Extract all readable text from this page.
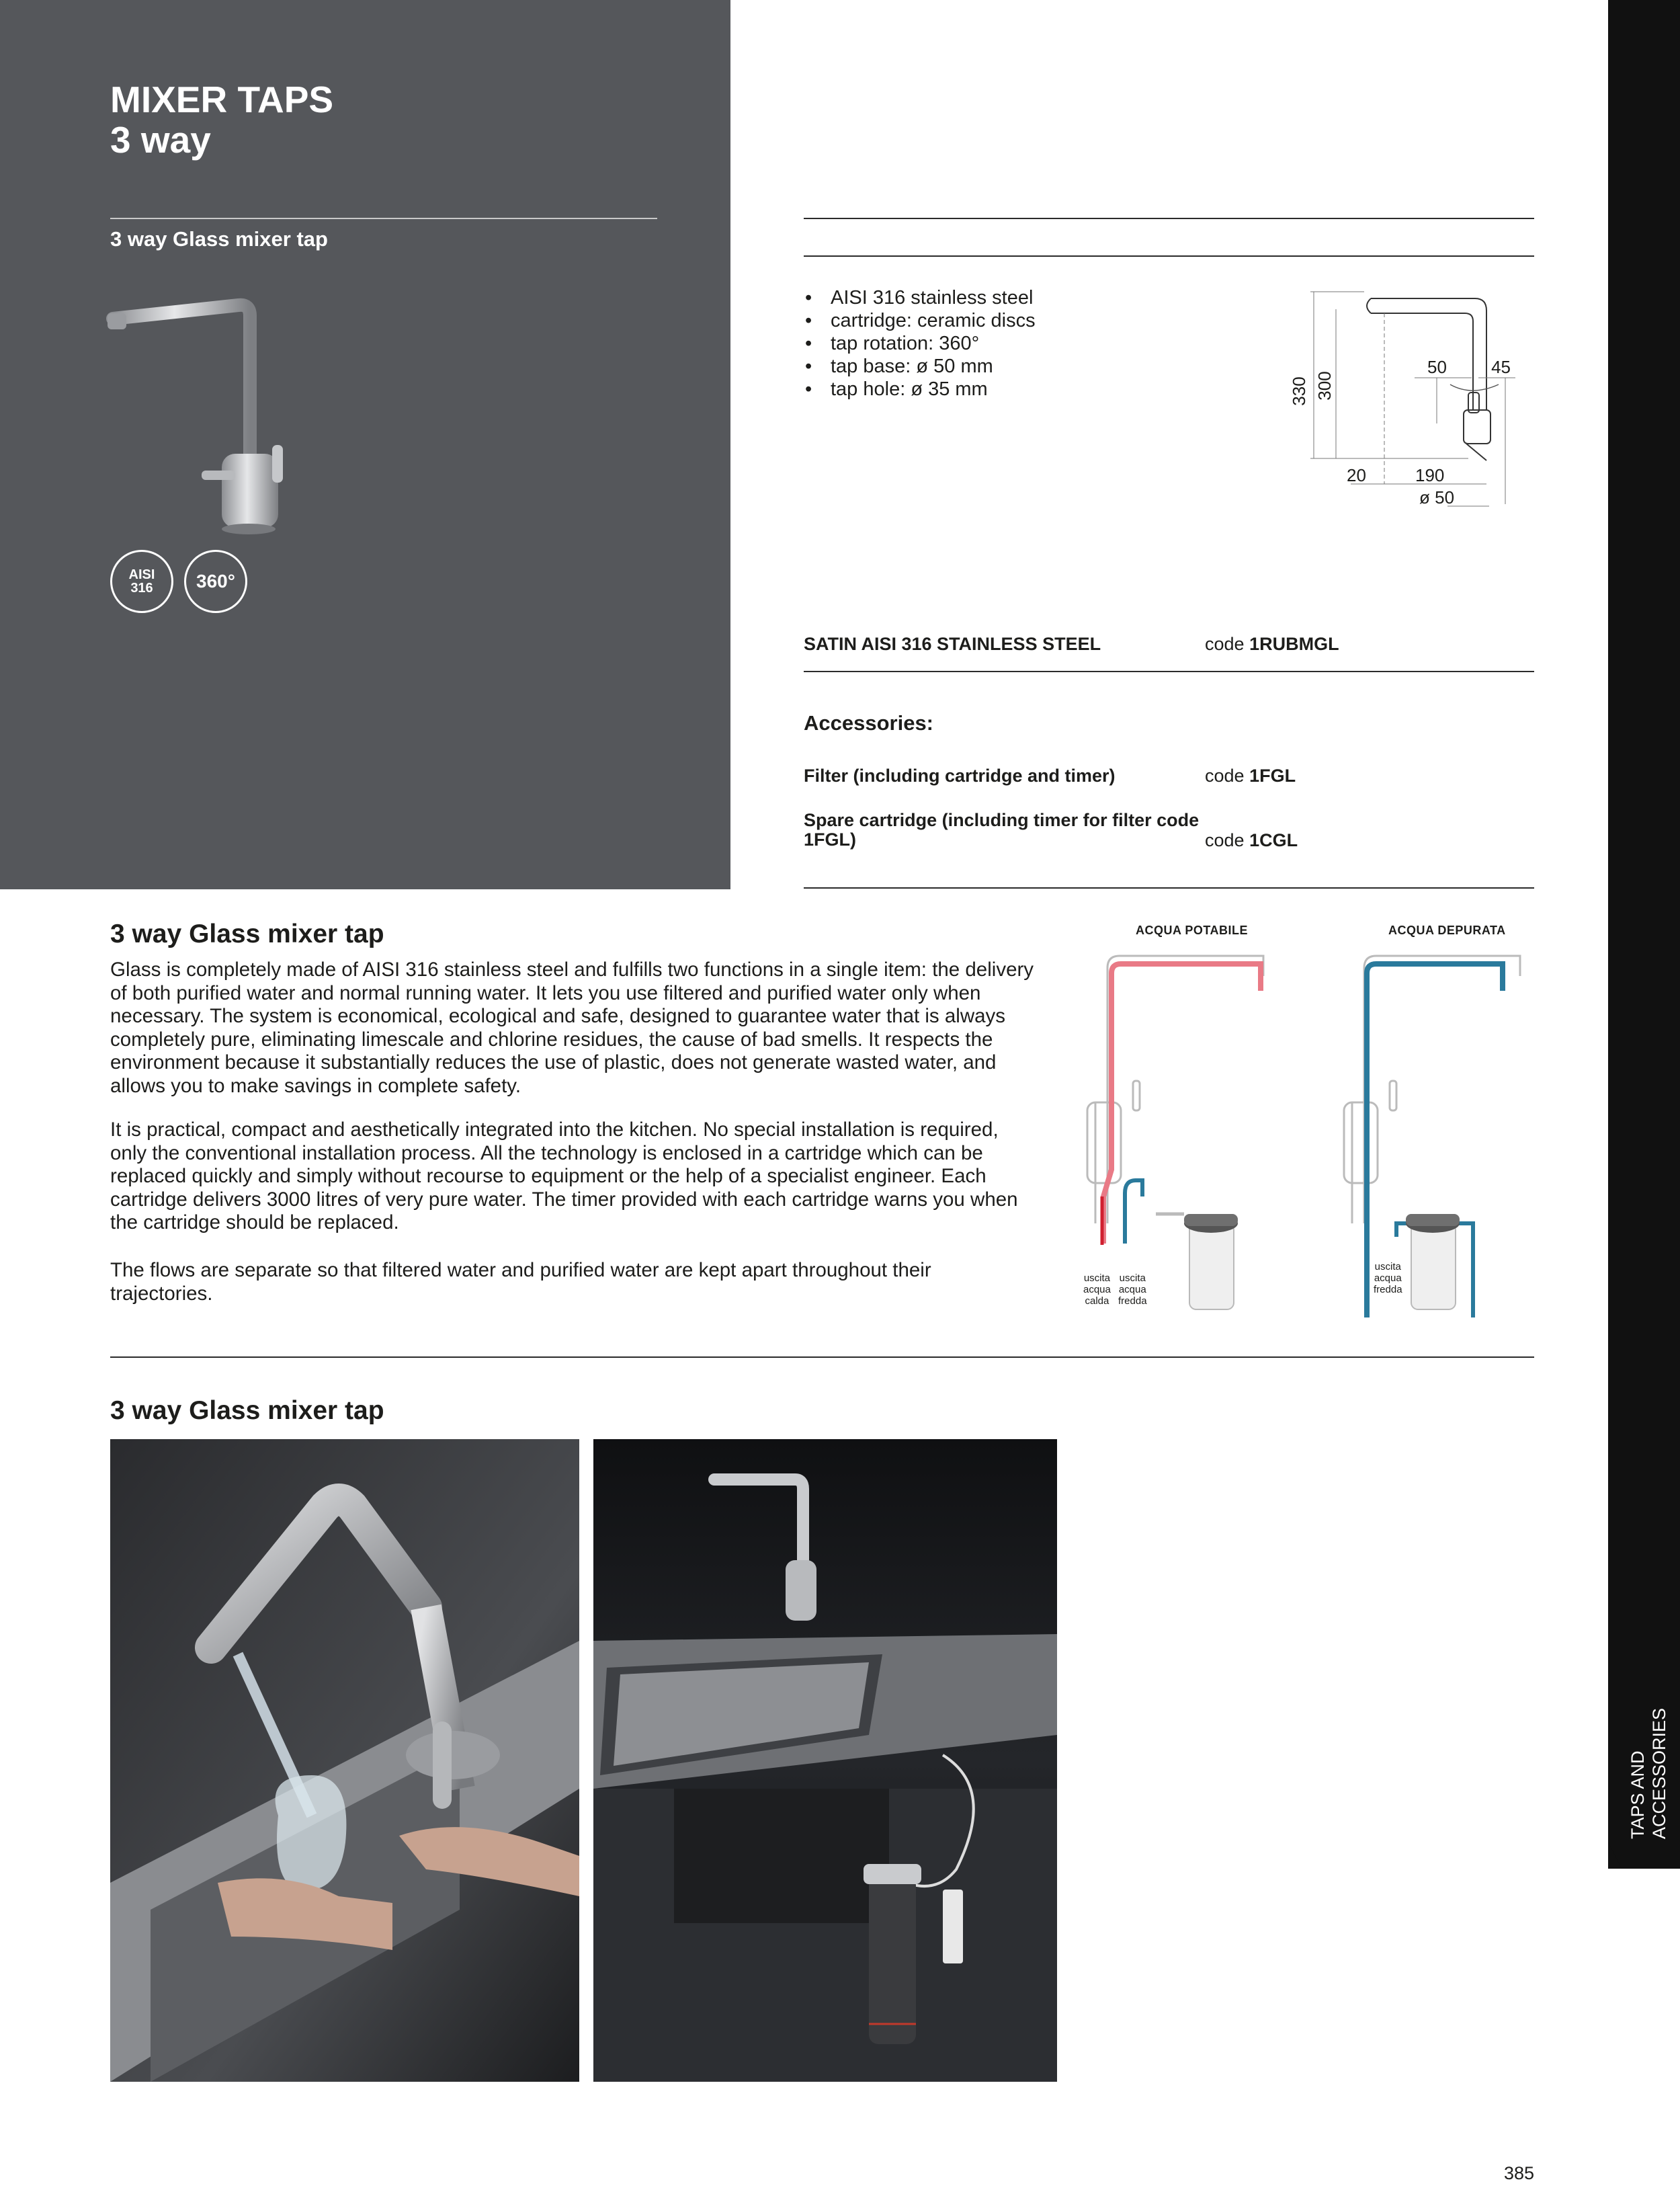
MIXER TAPS
3 way
3 way Glass mixer tap
AISI
316 360°
• AISI 316 stainless steel
• cartridge: ceramic discs
• tap rotation: 360°
• tap base: ø 50 mm
• tap hole: ø 35 mm	330 300
50	45
20	190
ø 50
SATIN AISI 316 STAINLESS STEEL	code 1RUBMGL
Accessories:
Filter (including cartridge and timer)	code 1FGL
Spare cartridge (including timer for filter code
1FGL)	code 1CGL
3 way Glass mixer tap

Glass is completely made of AISI 316 stainless steel and fulfills two functions in a single item: the delivery

of both purified water and normal running water. It lets you use filtered and purified water only when

necessary. The system is economical, ecological and safe, designed to guarantee water that is always

completely pure, eliminating limescale and chlorine residues, the cause of bad smells. It respects the

environment because it substantially reduces the use of plastic, does not generate wasted water, and

allows you to make savings in complete safety.

It is practical, compact and aesthetically integrated into the kitchen. No special installation is required,

only the conventional installation process. All the technology is enclosed in a cartridge which can be

replaced quickly and simply without recourse to equipment or the help of a specialist engineer. Each

cartridge delivers 3000 litres of very pure water. The timer provided with each cartridge warns you when

the cartridge should be replaced.

The flows are separate so that filtered water and purified water are kept apart throughout their

trajectories.

ACQUA POTABILE	ACQUA DEPURATA
uscita
acqua
calda
uscita
acqua
fredda
uscita
acqua
fredda
3 way Glass mixer tap
TAPS AND ACCESSORIES
385
